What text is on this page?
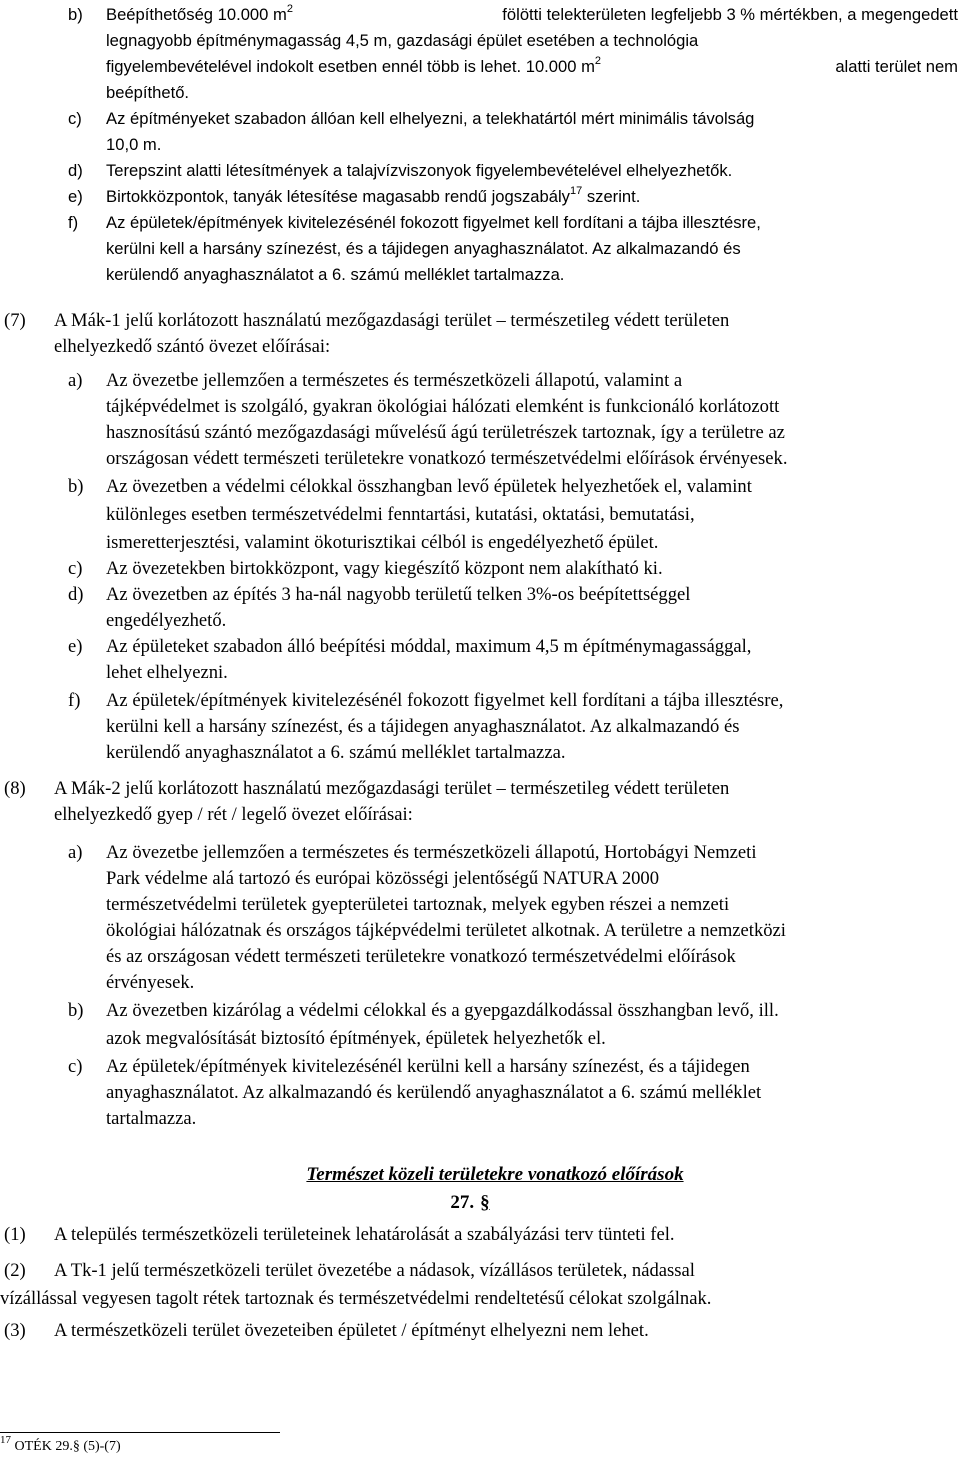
b) Beépíthetőség 10.000 $m^2$	fölötti telekterületen legfeljebb 3 % mértékben, a megengedett
legnagyobb építménymagasság 4,5 m, gazdasági épület esetében a technológia
figyelembevételével indokolt esetben ennél több is lehet. 10.000 $m^2$	alatti terület nem
beépíthető.
c) Az építményeket szabadon állóan kell elhelyezni, a telekhatártól mért minimális távolság
10,0 m.
d) Terepszint alatti létesítmények a talajvízviszonyok figyelembevételével elhelyezhetők.
e) Birtokközpontok, tanyák létesítése magasabb rendű jogszabály$^{17}$ szerint.
f) Az épületek/építmények kivitelezésénél fokozott figyelmet kell fordítani a tájba illesztésre,
kerülni kell a harsány színezést, és a tájidegen anyaghasználatot. Az alkalmazandó és
kerülendő anyaghasználatot a 6. számú melléklet tartalmazza.
(7) A Mák-1 jelű korlátozott használatú mezőgazdasági terület – természetileg védett területen
elhelyezkedő szántó övezet előírásai:
a) Az övezetbe jellemzően a természetes és természetközeli állapotú, valamint a
tájképvédelmet is szolgáló, gyakran ökológiai hálózati elemként is funkcionáló korlátozott
hasznosítású szántó mezőgazdasági művelésű ágú területrészek tartoznak, így a területre az
országosan védett természeti területekre vonatkozó természetvédelmi előírások érvényesek.
b) Az övezetben a védelmi célokkal összhangban levő épületek helyezhetőek el, valamint
különleges esetben természetvédelmi fenntartási, kutatási, oktatási, bemutatási,
ismeretterjesztési, valamint ökoturisztikai célból is engedélyezhető épület.
c) Az övezetekben birtokközpont, vagy kiegészítő központ nem alakítható ki.
d) Az övezetben az építés 3 ha-nál nagyobb területű telken 3%-os beépítettséggel
engedélyezhető.
e) Az épületeket szabadon álló beépítési móddal, maximum 4,5 m építménymagassággal,
lehet elhelyezni.
f) Az épületek/építmények kivitelezésénél fokozott figyelmet kell fordítani a tájba illesztésre,
kerülni kell a harsány színezést, és a tájidegen anyaghasználatot. Az alkalmazandó és
kerülendő anyaghasználatot a 6. számú melléklet tartalmazza.
(8) A Mák-2 jelű korlátozott használatú mezőgazdasági terület – természetileg védett területen
elhelyezkedő gyep / rét / legelő övezet előírásai:
a) Az övezetbe jellemzően a természetes és természetközeli állapotú, Hortobágyi Nemzeti
Park védelme alá tartozó és európai közösségi jelentőségű NATURA 2000
természetvédelmi területek gyepterületei tartoznak, melyek egyben részei a nemzeti
ökológiai hálózatnak és országos tájképvédelmi területet alkotnak. A területre a nemzetközi
és az országosan védett természeti területekre vonatkozó természetvédelmi előírások
érvényesek.
b) Az övezetben kizárólag a védelmi célokkal és a gyepgazdálkodással összhangban levő, ill.
azok megvalósítását biztosító építmények, épületek helyezhetők el.
c) Az épületek/építmények kivitelezésénél kerülni kell a harsány színezést, és a tájidegen
anyaghasználatot. Az alkalmazandó és kerülendő anyaghasználatot a 6. számú melléklet
tartalmazza.
Természet közeli területekre vonatkozó előírások
27. §
(1) A település természetközeli területeinek lehatárolását a szabályázási terv tünteti fel.
(2) A Tk-1 jelű természetközeli terület övezetébe a nádasok, vízállásos területek, nádassal
vízállással vegyesen tagolt rétek tartoznak és természetvédelmi rendeltetésű célokat szolgálnak.
(3) A természetközeli terület övezeteiben épületet / építményt elhelyezni nem lehet.
$^{17}$ OTÉK 29.§ (5)-(7)
